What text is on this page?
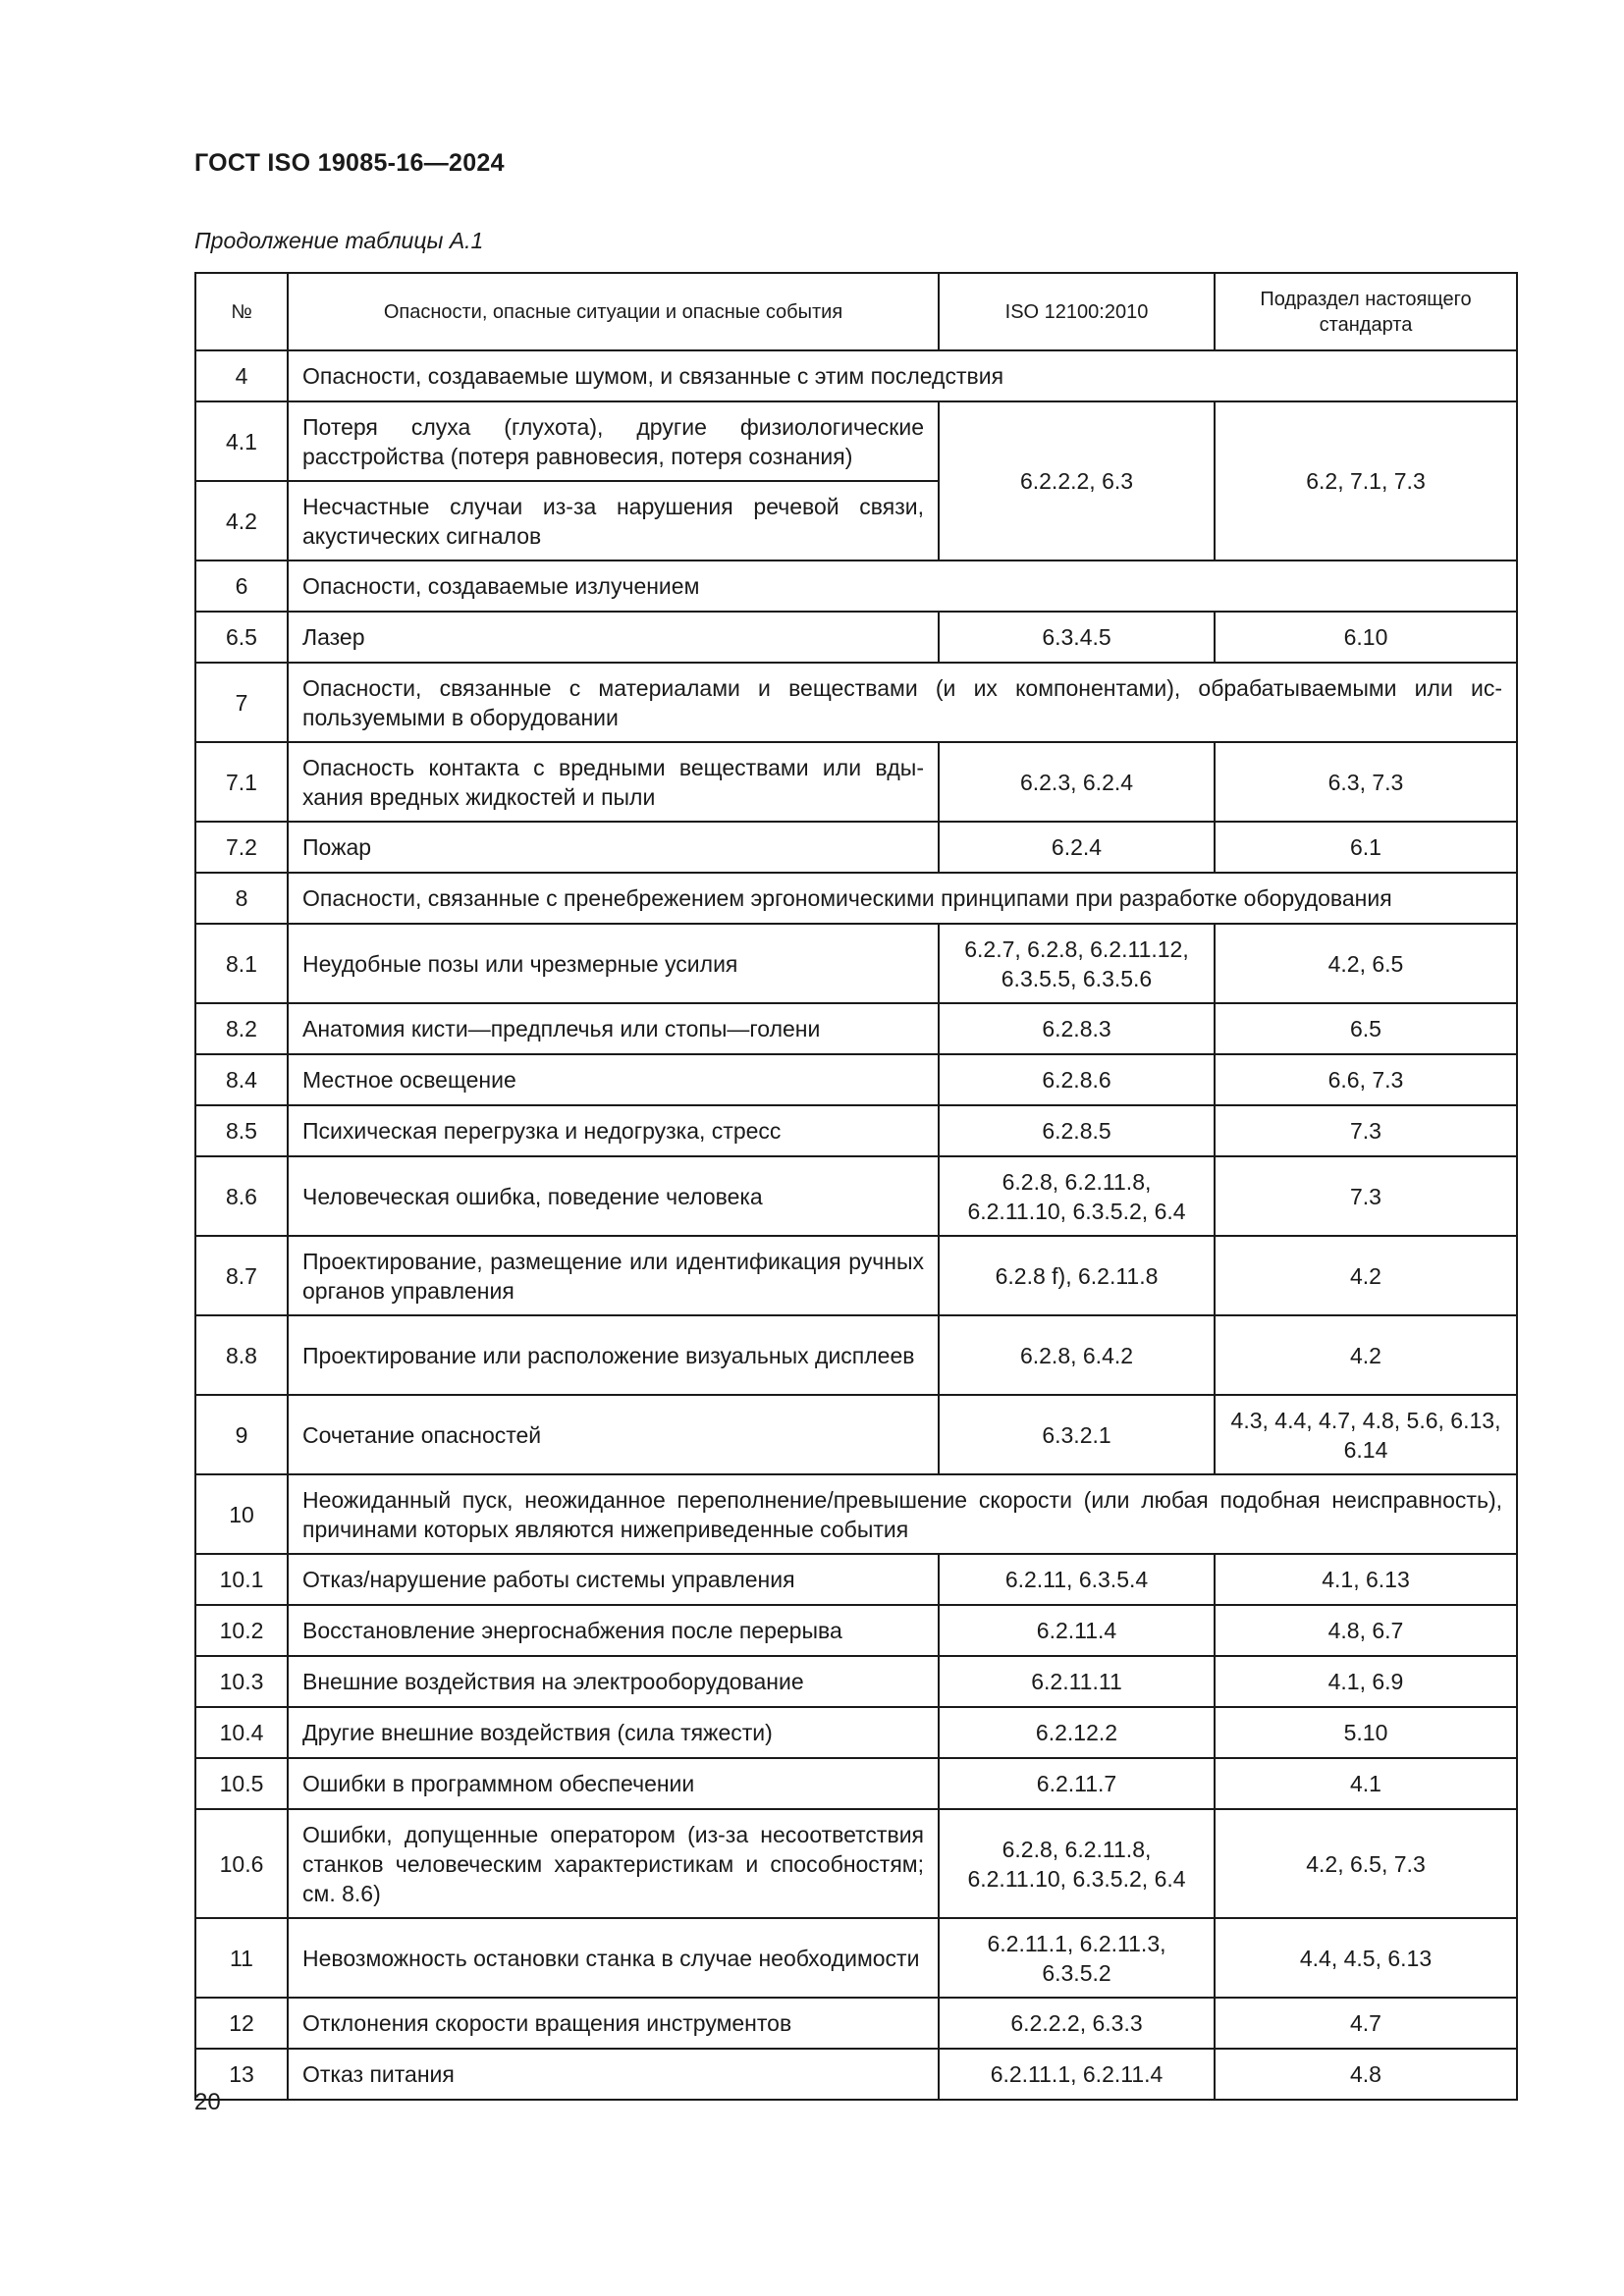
ГОСТ ISO 19085-16—2024
Продолжение таблицы А.1
№	Опасности, опасные ситуации и опасные события	ISO 12100:2010	Подраздел настоящего стандарта
4	Опасности, создаваемые шумом, и связанные с этим последствия		
4.1	Потеря слуха (глухота), другие физиологические расстройства (потеря равновесия, потеря сознания)	6.2.2.2, 6.3	6.2, 7.1, 7.3
4.2	Несчастные случаи из-за нарушения речевой связи, акустических сигналов		
6	Опасности, создаваемые излучением		
6.5	Лазер	6.3.4.5	6.10
7	Опасности, связанные с материалами и веществами (и их компонентами), обрабатываемыми или используемыми в оборудовании		
7.1	Опасность контакта с вредными веществами или вдыхания вредных жидкостей и пыли	6.2.3, 6.2.4	6.3, 7.3
7.2	Пожар	6.2.4	6.1
8	Опасности, связанные с пренебрежением эргономическими принципами при разработке оборудования		
8.1	Неудобные позы или чрезмерные усилия	6.2.7, 6.2.8, 6.2.11.12, 6.3.5.5, 6.3.5.6	4.2, 6.5
8.2	Анатомия кисти—предплечья или стопы—голени	6.2.8.3	6.5
8.4	Местное освещение	6.2.8.6	6.6, 7.3
8.5	Психическая перегрузка и недогрузка, стресс	6.2.8.5	7.3
8.6	Человеческая ошибка, поведение человека	6.2.8, 6.2.11.8, 6.2.11.10, 6.3.5.2, 6.4	7.3
8.7	Проектирование, размещение или идентификация ручных органов управления	6.2.8 f), 6.2.11.8	4.2
8.8	Проектирование или расположение визуальных дисплеев	6.2.8, 6.4.2	4.2
9	Сочетание опасностей	6.3.2.1	4.3, 4.4, 4.7, 4.8, 5.6, 6.13, 6.14
10	Неожиданный пуск, неожиданное переполнение/превышение скорости (или любая подобная неисправность), причинами которых являются нижеприведенные события		
10.1	Отказ/нарушение работы системы управления	6.2.11, 6.3.5.4	4.1, 6.13
10.2	Восстановление энергоснабжения после перерыва	6.2.11.4	4.8, 6.7
10.3	Внешние воздействия на электрооборудование	6.2.11.11	4.1, 6.9
10.4	Другие внешние воздействия (сила тяжести)	6.2.12.2	5.10
10.5	Ошибки в программном обеспечении	6.2.11.7	4.1
10.6	Ошибки, допущенные оператором (из-за несоответствия станков человеческим характеристикам и способностям; см. 8.6)	6.2.8, 6.2.11.8, 6.2.11.10, 6.3.5.2, 6.4	4.2, 6.5, 7.3
11	Невозможность остановки станка в случае необходимости	6.2.11.1, 6.2.11.3, 6.3.5.2	4.4, 4.5, 6.13
12	Отклонения скорости вращения инструментов	6.2.2.2, 6.3.3	4.7
13	Отказ питания	6.2.11.1, 6.2.11.4	4.8
20
